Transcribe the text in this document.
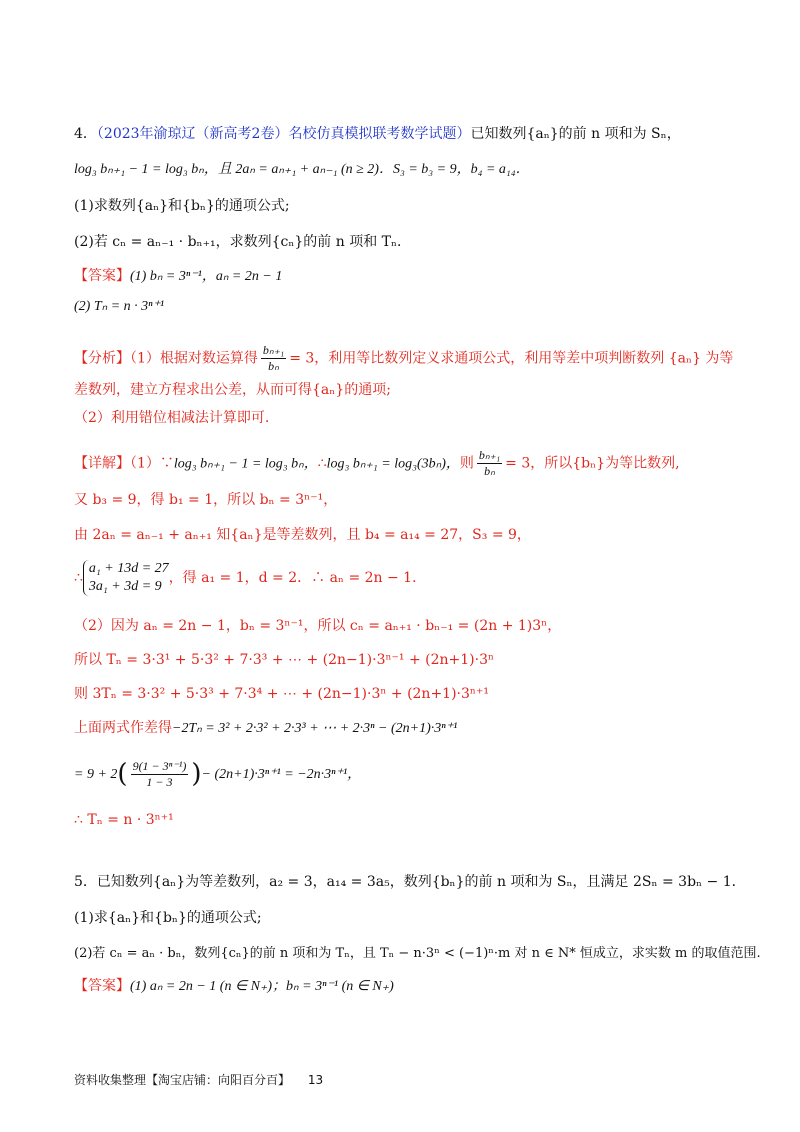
4．（2023年渝琼辽（新高考2卷）名校仿真模拟联考数学试题）已知数列{aₙ}的前 n 项和为 Sₙ，
log₃ bₙ₊₁ − 1 = log₃ bₙ，且 2aₙ = aₙ₊₁ + aₙ₋₁ (n ≥ 2)．S₃ = b₃ = 9，b₄ = a₁₄．
(1)求数列{aₙ}和{bₙ}的通项公式;
(2)若 cₙ = aₙ₋₁ · bₙ₊₁，求数列{cₙ}的前 n 项和 Tₙ．
【答案】(1) bₙ = 3ⁿ⁻¹，aₙ = 2n − 1
(2) Tₙ = n · 3ⁿ⁺¹
【分析】（1）根据对数运算得 $\frac{\text{bₙ₊₁}}{\text{bₙ}} = 3$，利用等比数列定义求通项公式，利用等差中项判断数列 {aₙ} 为等
差数列，建立方程求出公差，从而可得{aₙ}的通项;
（2）利用错位相减法计算即可.
【详解】（1）∵log₃ bₙ₊₁ − 1 = log₃ bₙ，∴log₃ bₙ₊₁ = log₃(3bₙ)，则 $\frac{\text{bₙ₊₁}}{\text{bₙ}} = 3$，所以{bₙ}为等比数列,
又 b₃ = 9，得 b₁ = 1，所以 bₙ = 3ⁿ⁻¹，
由 2aₙ = aₙ₋₁ + aₙ₊₁ 知{aₙ}是等差数列，且 b₄ = a₁₄ = 27，S₃ = 9，
∴
a₁ + 13d = 27
3a₁ + 3d = 9
，得 a₁ = 1，d = 2．∴ aₙ = 2n − 1．
（2）因为 aₙ = 2n − 1，bₙ = 3ⁿ⁻¹，所以 cₙ = aₙ₊₁ · bₙ₋₁ = (2n + 1)3ⁿ，
所以 Tₙ = 3·3¹ + 5·3² + 7·3³ + ⋯ + (2n−1)·3ⁿ⁻¹ + (2n+1)·3ⁿ
则 3Tₙ = 3·3² + 5·3³ + 7·3⁴ + ⋯ + (2n−1)·3ⁿ + (2n+1)·3ⁿ⁺¹
上面两式作差得−2Tₙ = 3² + 2·3² + 2·3³ + ⋯ + 2·3ⁿ − (2n+1)·3ⁿ⁺¹
= $9 + 2( \frac{\text{9(1 − 3ⁿ⁻¹)}}{1 - 3}$ )− (2n+1)·3ⁿ⁺¹ = −2n·3ⁿ⁺¹，
∴ Tₙ = n · 3ⁿ⁺¹
5．已知数列{aₙ}为等差数列，a₂ = 3，a₁₄ = 3a₅，数列{bₙ}的前 n 项和为 Sₙ，且满足 2Sₙ = 3bₙ − 1．
(1)求{aₙ}和{bₙ}的通项公式;
(2)若 cₙ = aₙ · bₙ，数列{cₙ}的前 n 项和为 Tₙ，且 Tₙ − n·3ⁿ < (−1)ⁿ·m 对 n ∈ N* 恒成立，求实数 m 的取值范围.
【答案】(1) aₙ = 2n − 1 (n ∈ N₊)；bₙ = 3ⁿ⁻¹ (n ∈ N₊)
资料收集整理【淘宝店铺：向阳百分百】 13
